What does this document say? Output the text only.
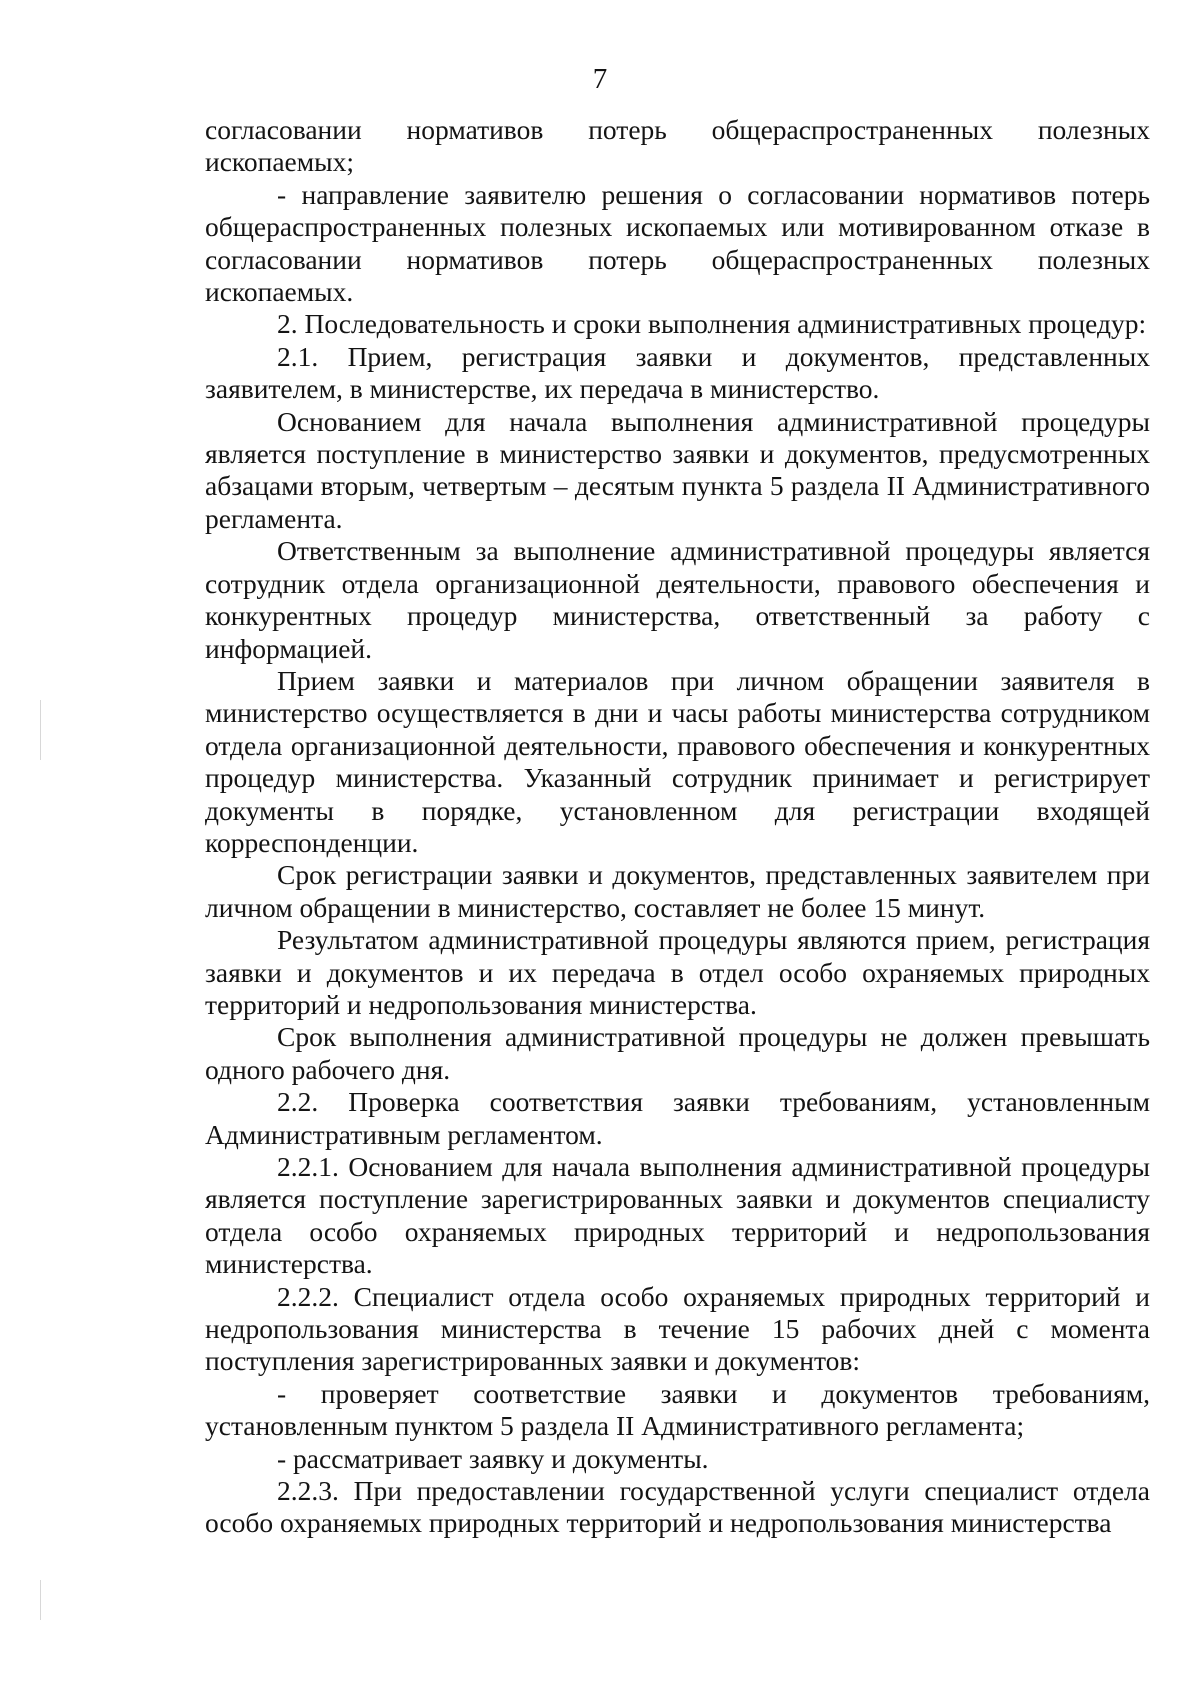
7

согласовании нормативов потерь общераспространенных полезных ископаемых;

- направление заявителю решения о согласовании нормативов потерь общераспространенных полезных ископаемых или мотивированном отказе в согласовании нормативов потерь общераспространенных полезных ископаемых.

2. Последовательность и сроки выполнения административных процедур:

2.1. Прием, регистрация заявки и документов, представленных заявителем, в министерстве, их передача в министерство.

Основанием для начала выполнения административной процедуры является поступление в министерство заявки и документов, предусмотренных абзацами вторым, четвертым – десятым пункта 5 раздела II Административного регламента.

Ответственным за выполнение административной процедуры является сотрудник отдела организационной деятельности, правового обеспечения и конкурентных процедур министерства, ответственный за работу с информацией.

Прием заявки и материалов при личном обращении заявителя в министерство осуществляется в дни и часы работы министерства сотрудником отдела организационной деятельности, правового обеспечения и конкурентных процедур министерства. Указанный сотрудник принимает и регистрирует документы в порядке, установленном для регистрации входящей корреспонденции.

Срок регистрации заявки и документов, представленных заявителем при личном обращении в министерство, составляет не более 15 минут.

Результатом административной процедуры являются прием, регистрация заявки и документов и их передача в отдел особо охраняемых природных территорий и недропользования министерства.

Срок выполнения административной процедуры не должен превышать одного рабочего дня.

2.2. Проверка соответствия заявки требованиям, установленным Административным регламентом.

2.2.1. Основанием для начала выполнения административной процедуры является поступление зарегистрированных заявки и документов специалисту отдела особо охраняемых природных территорий и недропользования министерства.

2.2.2. Специалист отдела особо охраняемых природных территорий и недропользования министерства в течение 15 рабочих дней с момента поступления зарегистрированных заявки и документов:

- проверяет соответствие заявки и документов требованиям, установленным пунктом 5 раздела II Административного регламента;

- рассматривает заявку и документы.

2.2.3. При предоставлении государственной услуги специалист отдела особо охраняемых природных территорий и недропользования министерства
